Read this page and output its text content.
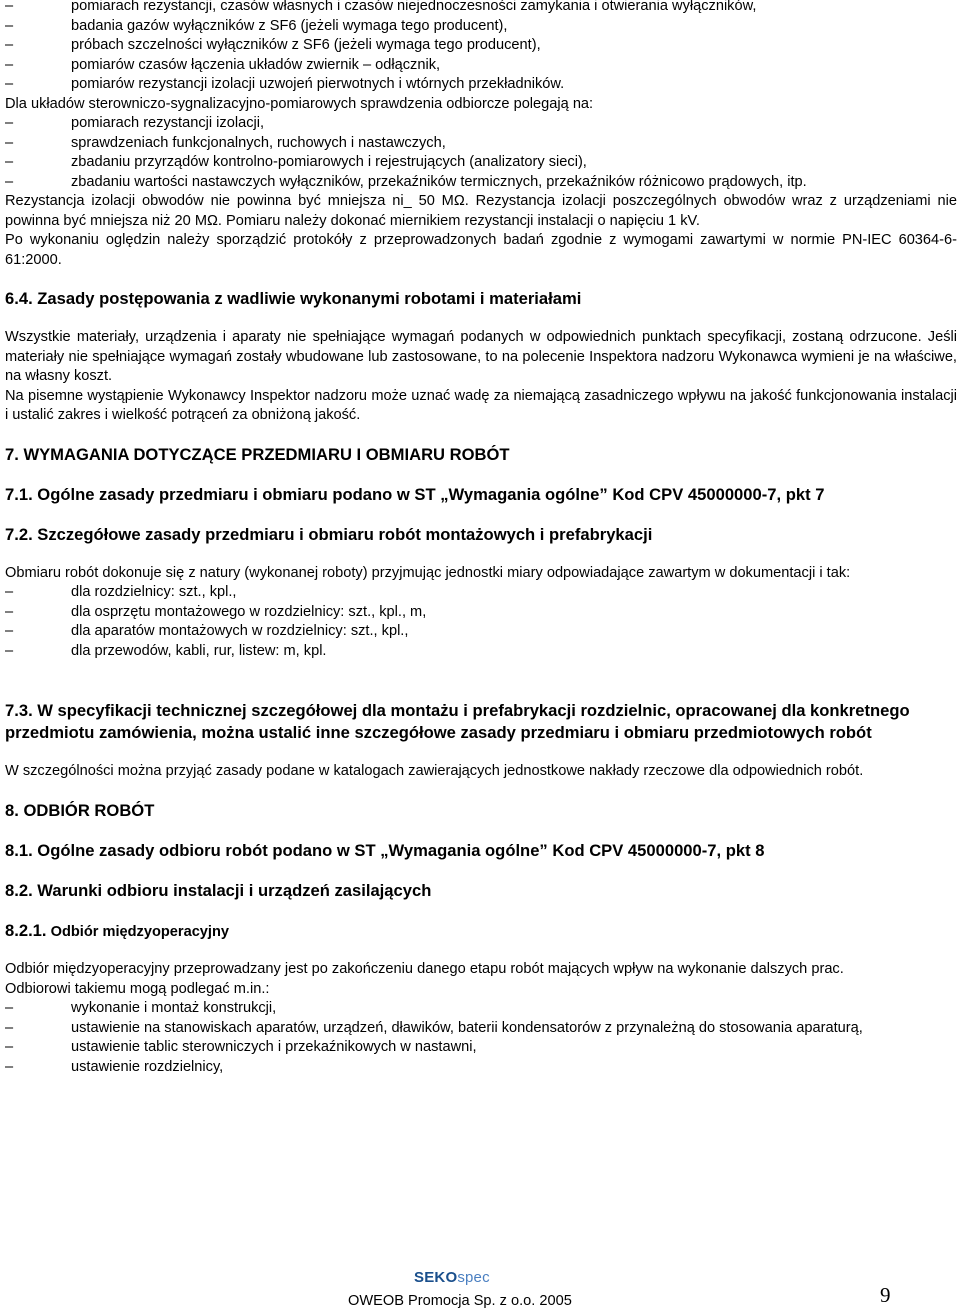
–
pomiarach rezystancji, czasów własnych i czasów niejednoczesności zamykania i otwierania wyłączników,
–
badania gazów wyłączników z SF6 (jeżeli wymaga tego producent),
–
próbach szczelności wyłączników z SF6 (jeżeli wymaga tego producent),
–
pomiarów czasów łączenia układów zwiernik – odłącznik,
–
pomiarów rezystancji izolacji uzwojeń pierwotnych i wtórnych przekładników.

Dla układów sterowniczo-sygnalizacyjno-pomiarowych sprawdzenia odbiorcze polegają na:

–
pomiarach rezystancji izolacji,
–
sprawdzeniach funkcjonalnych, ruchowych i nastawczych,
–
zbadaniu przyrządów kontrolno-pomiarowych i rejestrujących (analizatory sieci),
–
zbadaniu wartości nastawczych wyłączników, przekaźników termicznych, przekaźników różnicowo prądowych, itp.

Rezystancja izolacji obwodów nie powinna być mniejsza ni_ 50 MΩ. Rezystancja izolacji poszczególnych obwodów wraz z urządzeniami nie powinna być mniejsza niż 20 MΩ. Pomiaru należy dokonać miernikiem rezystancji instalacji o napięciu 1 kV.

Po wykonaniu oględzin należy sporządzić protokóły z przeprowadzonych badań zgodnie z wymogami zawartymi w normie PN-IEC 60364-6-61:2000.

6.4. Zasady postępowania z wadliwie wykonanymi robotami i materiałami

Wszystkie materiały, urządzenia i aparaty nie spełniające wymagań podanych w odpowiednich punktach specyfikacji, zostaną odrzucone. Jeśli materiały nie spełniające wymagań zostały wbudowane lub zastosowane, to na polecenie Inspektora nadzoru Wykonawca wymieni je na właściwe, na własny koszt.

Na pisemne wystąpienie Wykonawcy Inspektor nadzoru może uznać wadę za niemającą zasadniczego wpływu na jakość funkcjonowania instalacji i ustalić zakres i wielkość potrąceń za obniżoną jakość.

7. WYMAGANIA DOTYCZĄCE PRZEDMIARU I OBMIARU ROBÓT
7.1. Ogólne zasady przedmiaru i obmiaru podano w ST „Wymagania ogólne” Kod CPV 45000000-7, pkt 7
7.2. Szczegółowe zasady przedmiaru i obmiaru robót montażowych i prefabrykacji

Obmiaru robót dokonuje się z natury (wykonanej roboty) przyjmując jednostki miary odpowiadające zawartym w dokumentacji i tak:

–
dla rozdzielnicy: szt., kpl.,
–
dla osprzętu montażowego w rozdzielnicy: szt., kpl., m,
–
dla aparatów montażowych w rozdzielnicy: szt., kpl.,
–
dla przewodów, kabli, rur, listew: m, kpl.
7.3. W specyfikacji technicznej szczegółowej dla montażu i prefabrykacji rozdzielnic, opracowanej dla konkretnego przedmiotu zamówienia, można ustalić inne szczegółowe zasady przedmiaru i obmiaru przedmiotowych robót

W szczególności można przyjąć zasady podane w katalogach zawierających jednostkowe nakłady rzeczowe dla odpowiednich robót.

8. ODBIÓR ROBÓT
8.1. Ogólne zasady odbioru robót podano w ST „Wymagania ogólne” Kod CPV 45000000-7, pkt 8
8.2. Warunki odbioru instalacji i urządzeń zasilających
8.2.1. Odbiór międzyoperacyjny

Odbiór międzyoperacyjny przeprowadzany jest po zakończeniu danego etapu robót mających wpływ na wykonanie dalszych prac.

Odbiorowi takiemu mogą podlegać m.in.:

–
wykonanie i montaż konstrukcji,
–
ustawienie na stanowiskach aparatów, urządzeń, dławików, baterii kondensatorów z przynależną do stosowania aparaturą,
–
ustawienie tablic sterowniczych i przekaźnikowych w nastawni,
–
ustawienie rozdzielnicy,
SEKOspec
OWEOB Promocja Sp. z o.o. 2005	9
